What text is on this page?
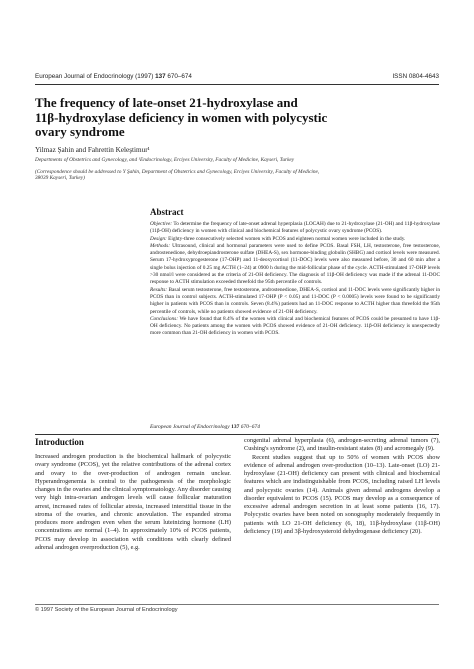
European Journal of Endocrinology (1997) 137 670–674	ISSN 0804-4643
The frequency of late-onset 21-hydroxylase and
11β-hydroxylase deficiency in women with polycystic
ovary syndrome
Yilmaz Şahin and Fahrettin Keleştimur¹
Departments of Obstetrics and Gynecology, and ¹Endocrinology, Erciyes University, Faculty of Medicine, Kayseri, Turkey
(Correspondence should be addressed to Y Şahin, Department of Obstetrics and Gynecology, Erciyes University, Faculty of Medicine,
38039 Kayseri, Turkey)
Abstract

Objective: To determine the frequency of late-onset adrenal hyperplasia (LOCAH) due to 21-hydroxylase (21-OH) and 11β-hydroxylase (11β-OH) deficiency in women with clinical and biochemical features of polycystic ovary syndrome (PCOS).

Design: Eighty-three consecutively selected women with PCOS and eighteen normal women were included in the study.

Methods: Ultrasound, clinical and hormonal parameters were used to define PCOS. Basal FSH, LH, testosterone, free testosterone, androstenedione, dehydroepiandrosterone sulfate (DHEA-S), sex hormone-binding globulin (SHBG) and cortisol levels were measured. Serum 17-hydroxyprogesterone (17-OHP) and 11-deoxycortisol (11-DOC) levels were also measured before, 30 and 60 min after a single bolus injection of 0.25 mg ACTH (1–24) at 0900 h during the mid-follicular phase of the cycle. ACTH-stimulated 17-OHP levels >30 nmol/l were considered as the criteria of 21-OH deficiency. The diagnosis of 11β-OH deficiency was made if the adrenal 11-DOC response to ACTH stimulation exceeded threefold the 95th percentile of controls.

Results: Basal serum testosterone, free testosterone, androstenedione, DHEA-S, cortisol and 11-DOC levels were significantly higher in PCOS than in control subjects. ACTH-stimulated 17-OHP (P < 0.05) and 11-DOC (P < 0.0005) levels were found to be significantly higher in patients with PCOS than in controls. Seven (8.4%) patients had an 11-DOC response to ACTH higher than threefold the 95th percentile of controls, while no patients showed evidence of 21-OH deficiency.

Conclusions: We have found that 8.4% of the women with clinical and biochemical features of PCOS could be presumed to have 11β-OH deficiency. No patients among the women with PCOS showed evidence of 21-OH deficiency. 11β-OH deficiency is unexpectedly more common than 21-OH deficiency in women with PCOS.

European Journal of Endocrinology 137 670–674
Introduction

Increased androgen production is the biochemical hallmark of polycystic ovary syndrome (PCOS), yet the relative contributions of the adrenal cortex and ovary to the over-production of androgen remain unclear. Hyperandrogenemia is central to the pathogenesis of the morphologic changes in the ovaries and the clinical symptomatology. Any disorder causing very high intra-ovarian androgen levels will cause follicular maturation arrest, increased rates of follicular atresia, increased interstitial tissue in the stroma of the ovaries, and chronic anovulation. The expanded stroma produces more androgen even when the serum luteinizing hormone (LH) concentrations are normal (1–4). In approximately 10% of PCOS patients, PCOS may develop in association with conditions with clearly defined adrenal androgen overproduction (5), e.g.

congenital adrenal hyperplasia (6), androgen-secreting adrenal tumors (7), Cushing's syndrome (2), and insulin-resistant states (8) and acromegaly (9).

Recent studies suggest that up to 50% of women with PCOS show evidence of adrenal androgen over-production (10–13). Late-onset (LO) 21-hydroxylase (21-OH) deficiency can present with clinical and biochemical features which are indistinguishable from PCOS, including raised LH levels and polycystic ovaries (14). Animals given adrenal androgens develop a disorder equivalent to PCOS (15). PCOS may develop as a consequence of excessive adrenal androgen secretion in at least some patients (16, 17). Polycystic ovaries have been noted on sonography moderately frequently in patients with LO 21-OH deficiency (6, 18), 11β-hydroxylase (11β-OH) deficiency (19) and 3β-hydroxysteroid dehydrogenase deficiency (20).

© 1997 Society of the European Journal of Endocrinology
